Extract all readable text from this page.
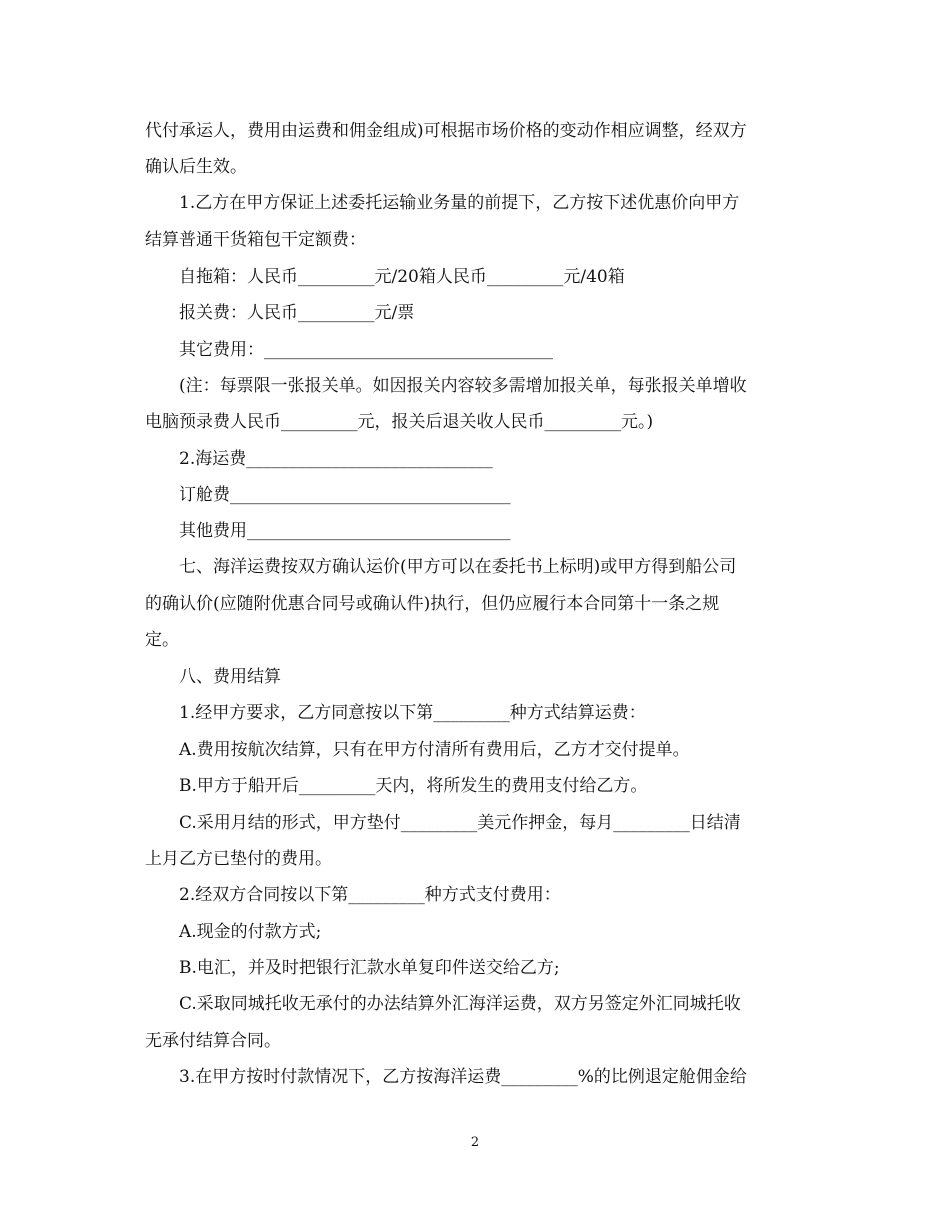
代付承运人，费用由运费和佣金组成)可根据市场价格的变动作相应调整，经双方
确认后生效。
1.乙方在甲方保证上述委托运输业务量的前提下，乙方按下述优惠价向甲方
结算普通干货箱包干定额费：
自拖箱：人民币_________元/20箱人民币_________元/40箱
报关费：人民币_________元/票
其它费用：__________________________________
(注：每票限一张报关单。如因报关内容较多需增加报关单，每张报关单增收
电脑预录费人民币_________元，报关后退关收人民币_________元。)
2.海运费_____________________________
订舱费_________________________________
其他费用_______________________________
七、海洋运费按双方确认运价(甲方可以在委托书上标明)或甲方得到船公司
的确认价(应随附优惠合同号或确认件)执行，但仍应履行本合同第十一条之规
定。
八、费用结算
1.经甲方要求，乙方同意按以下第_________种方式结算运费：
A.费用按航次结算，只有在甲方付清所有费用后，乙方才交付提单。
B.甲方于船开后_________天内，将所发生的费用支付给乙方。
C.采用月结的形式，甲方垫付_________美元作押金，每月_________日结清
上月乙方已垫付的费用。
2.经双方合同按以下第_________种方式支付费用：
A.现金的付款方式;
B.电汇，并及时把银行汇款水单复印件送交给乙方;
C.采取同城托收无承付的办法结算外汇海洋运费，双方另签定外汇同城托收
无承付结算合同。
3.在甲方按时付款情况下，乙方按海洋运费_________%的比例退定舱佣金给
2
